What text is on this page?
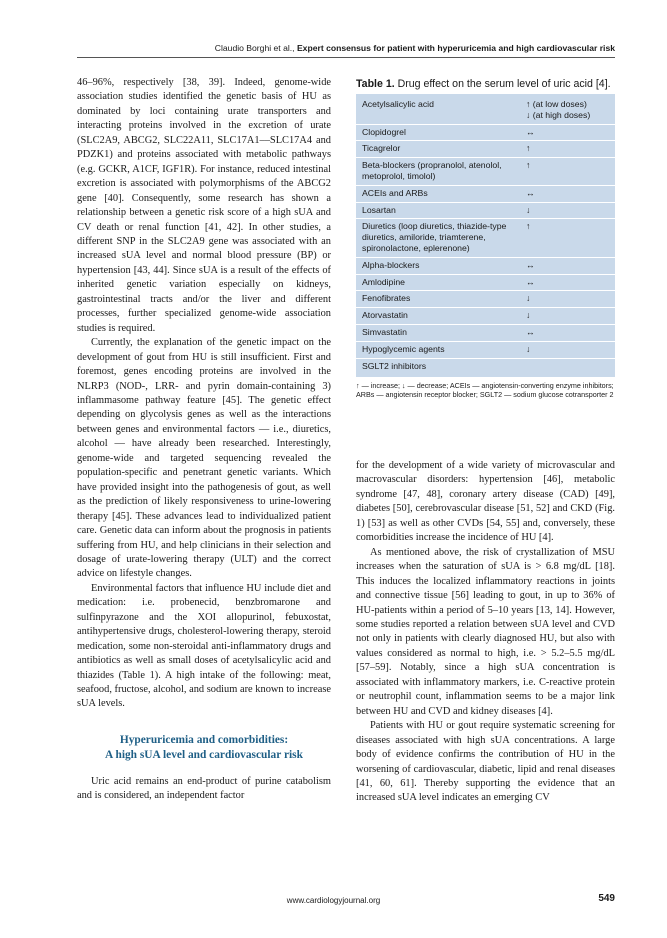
Claudio Borghi et al., Expert consensus for patient with hyperuricemia and high cardiovascular risk

46–96%, respectively [38, 39]. Indeed, genome-wide association studies identified the genetic basis of HU as dominated by loci containing urate transporters and interacting proteins involved in the excretion of urate (SLC2A9, ABCG2, SLC22A11, SLC17A1––SLC17A4 and PDZK1) and proteins associated with metabolic pathways (e.g. GCKR, A1CF, IGF1R). For instance, reduced intestinal excretion is associated with polymorphisms of the ABCG2 gene [40]. Consequently, some research has shown a relationship between a genetic risk score of a high sUA and CV death or renal function [41, 42]. In other studies, a different SNP in the SLC2A9 gene was associated with an increased sUA level and normal blood pressure (BP) or hypertension [43, 44]. Since sUA is a result of the effects of inherited genetic variation especially on kidneys, gastrointestinal tracts and/or the liver and different processes, further specialized genome-wide association studies is required.

Currently, the explanation of the genetic impact on the development of gout from HU is still insufficient. First and foremost, genes encoding proteins are involved in the NLRP3 (NOD-, LRR- and pyrin domain-containing 3) inflammasome pathway feature [45]. The genetic effect depending on glycolysis genes as well as the interactions between genes and environmental factors — i.e., diuretics, alcohol — have already been researched. Interestingly, genome-wide and targeted sequencing revealed the population-specific and penetrant genetic variants. Which have provided insight into the pathogenesis of gout, as well as the prediction of likely responsiveness to urine-lowering therapy [45]. These advances lead to individualized patient care. Genetic data can inform about the prognosis in patients suffering from HU, and help clinicians in their selection and dosage of urate-lowering therapy (ULT) and the correct advice on lifestyle changes.

Environmental factors that influence HU include diet and medication: i.e. probenecid, benzbromarone and sulfinpyrazone and the XOI allopurinol, febuxostat, antihypertensive drugs, cholesterol-lowering therapy, steroid medication, some non-steroidal anti-inflammatory drugs and antibiotics as well as small doses of acetylsalicylic acid and thiazides (Table 1). A high intake of the following: meat, seafood, fructose, alcohol, and sodium are known to increase sUA levels.

Hyperuricemia and comorbidities:
A high sUA level and cardiovascular risk

Uric acid remains an end-product of purine catabolism and is considered, an independent factor

Table 1. Drug effect on the serum level of uric acid [4].
Acetylsalicylic acid	↑ (at low doses)
↓ (at high doses)
Clopidogrel	↔
Ticagrelor	↑
Beta-blockers (propranolol, atenolol, metoprolol, timolol)
↑
ACEIs and ARBs	↔
Losartan	↓
Diuretics (loop diuretics, thiazide-type diuretics, amiloride, triamterene, spironolactone, eplerenone)
↑
Alpha-blockers	↔
Amlodipine	↔
Fenofibrates	↓
Atorvastatin	↓
Simvastatin	↔
Hypoglycemic agents	↓
SGLT2 inhibitors
↑ — increase; ↓ — decrease; ACEIs — angiotensin-converting enzyme inhibitors; ARBs — angiotensin receptor blocker; SGLT2 — sodium glucose cotransporter 2

for the development of a wide variety of microvascular and macrovascular disorders: hypertension [46], metabolic syndrome [47, 48], coronary artery disease (CAD) [49], diabetes [50], cerebrovascular disease [51, 52] and CKD (Fig. 1) [53] as well as other CVDs [54, 55] and, conversely, these comorbidities increase the incidence of HU [4].

As mentioned above, the risk of crystallization of MSU increases when the saturation of sUA is > 6.8 mg/dL [18]. This induces the localized inflammatory reactions in joints and connective tissue [56] leading to gout, in up to 36% of HU-patients within a period of 5–10 years [13, 14]. However, some studies reported a relation between sUA level and CVD not only in patients with clearly diagnosed HU, but also with values considered as normal to high, i.e. > 5.2–5.5 mg/dL [57–59]. Notably, since a high sUA concentration is associated with inflammatory markers, i.e. C-reactive protein or neutrophil count, inflammation seems to be a major link between HU and CVD and kidney diseases [4].

Patients with HU or gout require systematic screening for diseases associated with high sUA concentrations. A large body of evidence confirms the contribution of HU in the worsening of cardiovascular, diabetic, lipid and renal diseases [41, 60, 61]. Thereby supporting the evidence that an increased sUA level indicates an emerging CV

www.cardiologyjournal.org	549
